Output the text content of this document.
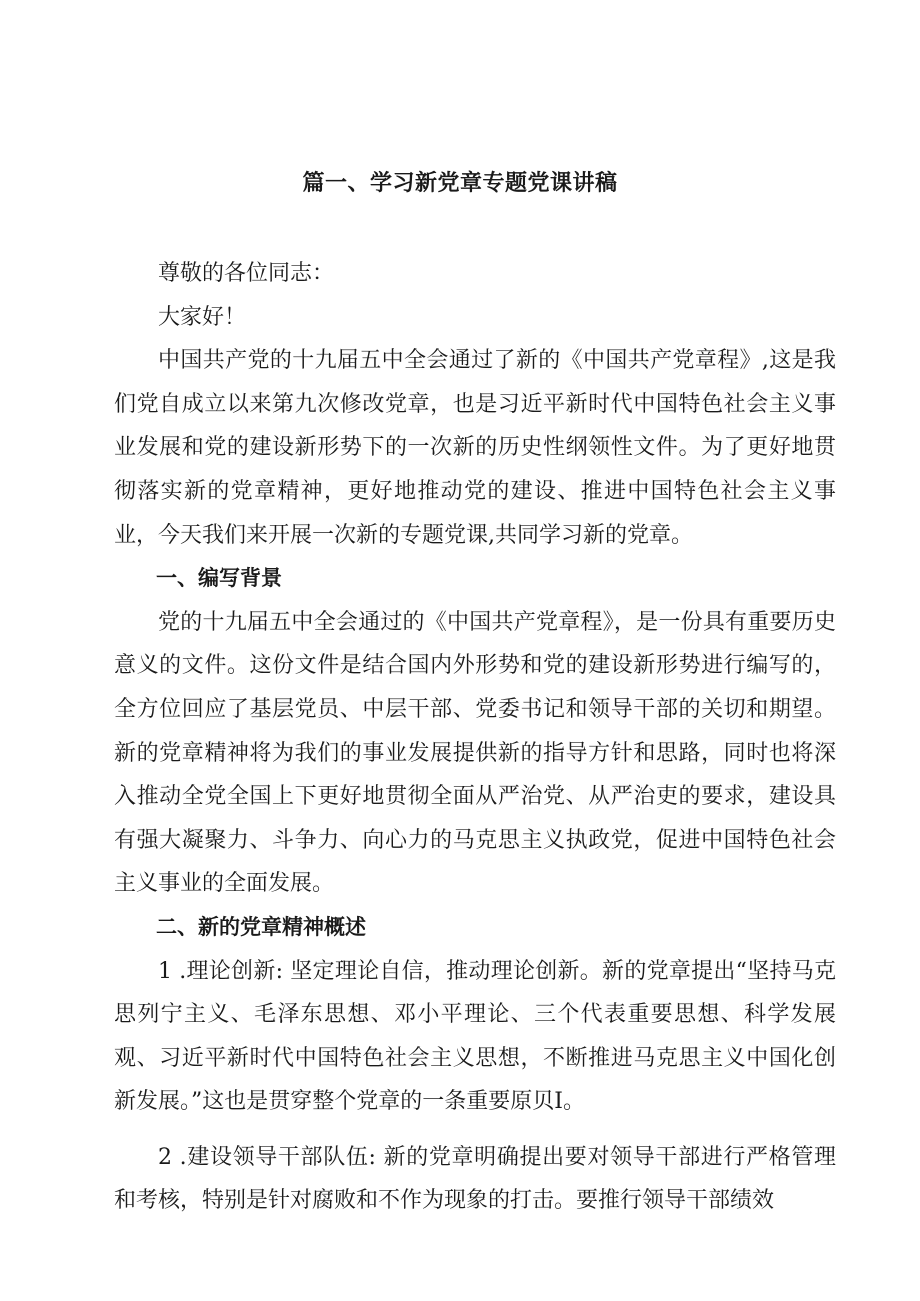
篇一、学习新党章专题党课讲稿

尊敬的各位同志：

大家好！

中国共产党的十九届五中全会通过了新的《中国共产党章程》,这是我们党自成立以来第九次修改党章，也是习近平新时代中国特色社会主义事业发展和党的建设新形势下的一次新的历史性纲领性文件。为了更好地贯彻落实新的党章精神，更好地推动党的建设、推进中国特色社会主义事业，今天我们来开展一次新的专题党课,共同学习新的党章。

一、编写背景

党的十九届五中全会通过的《中国共产党章程》，是一份具有重要历史意义的文件。这份文件是结合国内外形势和党的建设新形势进行编写的，全方位回应了基层党员、中层干部、党委书记和领导干部的关切和期望。新的党章精神将为我们的事业发展提供新的指导方针和思路，同时也将深入推动全党全国上下更好地贯彻全面从严治党、从严治吏的要求，建设具有强大凝聚力、斗争力、向心力的马克思主义执政党，促进中国特色社会主义事业的全面发展。

二、新的党章精神概述

1 .理论创新: 坚定理论自信，推动理论创新。新的党章提出“坚持马克思列宁主义、毛泽东思想、邓小平理论、三个代表重要思想、科学发展观、习近平新时代中国特色社会主义思想，不断推进马克思主义中国化创新发展。”这也是贯穿整个党章的一条重要原贝I。

2 .建设领导干部队伍: 新的党章明确提出要对领导干部进行严格管理和考核，特别是针对腐败和不作为现象的打击。要推行领导干部绩效
